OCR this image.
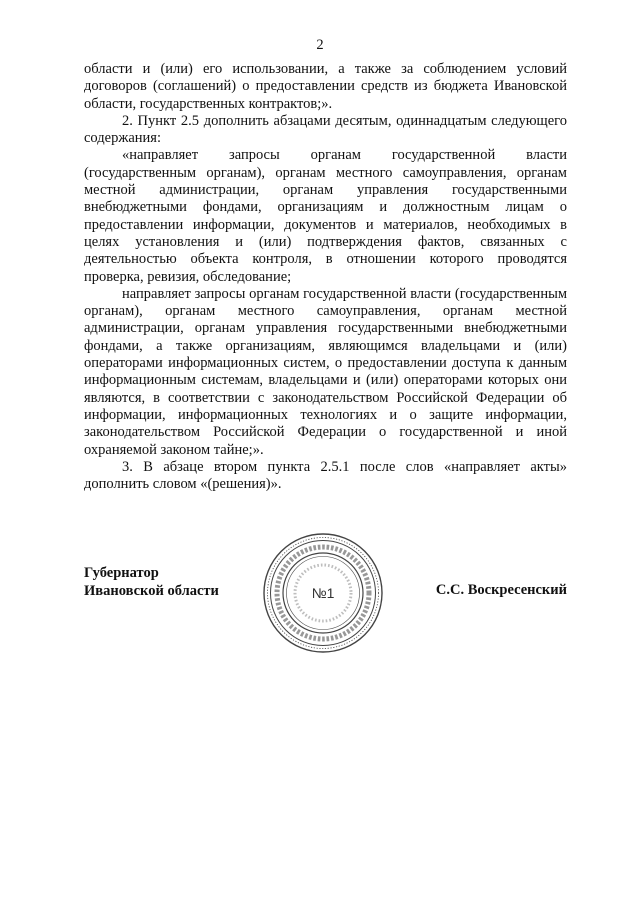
2

области и (или) его использовании, а также за соблюдением условий договоров (соглашений) о предоставлении средств из бюджета Ивановской области, государственных контрактов;».

2. Пункт 2.5 дополнить абзацами десятым, одиннадцатым следующего содержания:

«направляет запросы органам государственной власти (государственным органам), органам местного самоуправления, органам местной администрации, органам управления государственными внебюджетными фондами, организациям и должностным лицам о предоставлении информации, документов и материалов, необходимых в целях установления и (или) подтверждения фактов, связанных с деятельностью объекта контроля, в отношении которого проводятся проверка, ревизия, обследование;

направляет запросы органам государственной власти (государственным органам), органам местного самоуправления, органам местной администрации, органам управления государственными внебюджетными фондами, а также организациям, являющимся владельцами и (или) операторами информационных систем, о предоставлении доступа к данным информационным системам, владельцами и (или) операторами которых они являются, в соответствии с законодательством Российской Федерации об информации, информационных технологиях и о защите информации, законодательством Российской Федерации о государственной и иной охраняемой законом тайне;».

3. В абзаце втором пункта 2.5.1 после слов «направляет акты» дополнить словом «(решения)».

Губернатор
Ивановской области	№1	С.С. Воскресенский
